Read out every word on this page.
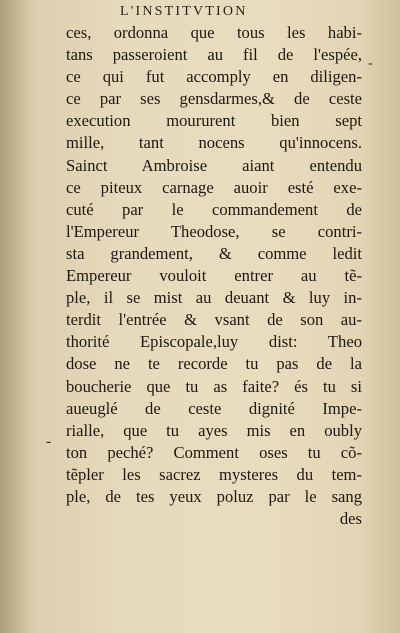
L'INSTITVTION
ces, ordonna que tous les habi-
tans passeroient au fil de l'espée,
ce qui fut accomply en diligen-
ce par ses gensdarmes,& de ceste
execution moururent bien sept
mille, tant nocens qu'innocens.
Sainct Ambroise aiant entendu
ce piteux carnage auoir esté exe-
cuté par le commandement de
l'Empereur Theodose, se contri-
sta grandement, & comme ledit
Empereur vouloit entrer au tẽ-
ple, il se mist au deuant & luy in-
terdit l'entrée & vsant de son au-
thorité Episcopale,luy dist: Theo
dose ne te recorde tu pas de la
boucherie que tu as faite? és tu si
aueuglé de ceste dignité Impe-
rialle, que tu ayes mis en oubly
ton peché? Comment oses tu cõ-
tẽpler les sacrez mysteres du tem-
ple, de tes yeux poluz par le sang
des
-
-
